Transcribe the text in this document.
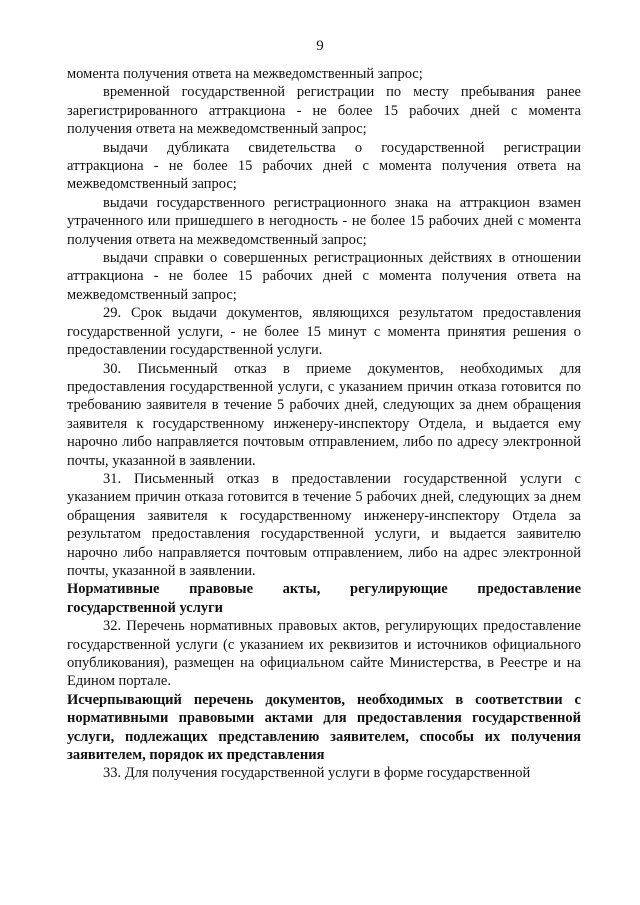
9

момента получения ответа на межведомственный запрос;

временной государственной регистрации по месту пребывания ранее зарегистрированного аттракциона - не более 15 рабочих дней с момента получения ответа на межведомственный запрос;

выдачи дубликата свидетельства о государственной регистрации аттракциона - не более 15 рабочих дней с момента получения ответа на межведомственный запрос;

выдачи государственного регистрационного знака на аттракцион взамен утраченного или пришедшего в негодность - не более 15 рабочих дней с момента получения ответа на межведомственный запрос;

выдачи справки о совершенных регистрационных действиях в отношении аттракциона - не более 15 рабочих дней с момента получения ответа на межведомственный запрос;

29. Срок выдачи документов, являющихся результатом предоставления государственной услуги, - не более 15 минут с момента принятия решения о предоставлении государственной услуги.

30. Письменный отказ в приеме документов, необходимых для предоставления государственной услуги, с указанием причин отказа готовится по требованию заявителя в течение 5 рабочих дней, следующих за днем обращения заявителя к государственному инженеру-инспектору Отдела, и выдается ему нарочно либо направляется почтовым отправлением, либо по адресу электронной почты, указанной в заявлении.

31. Письменный отказ в предоставлении государственной услуги с указанием причин отказа готовится в течение 5 рабочих дней, следующих за днем обращения заявителя к государственному инженеру-инспектору Отдела за результатом предоставления государственной услуги, и выдается заявителю нарочно либо направляется почтовым отправлением, либо на адрес электронной почты, указанной в заявлении.

Нормативные правовые акты, регулирующие предоставление государственной услуги

32. Перечень нормативных правовых актов, регулирующих предоставление государственной услуги (с указанием их реквизитов и источников официального опубликования), размещен на официальном сайте Министерства, в Реестре и на Едином портале.

Исчерпывающий перечень документов, необходимых в соответствии с нормативными правовыми актами для предоставления государственной услуги, подлежащих представлению заявителем, способы их получения заявителем, порядок их представления

33. Для получения государственной услуги в форме государственной
